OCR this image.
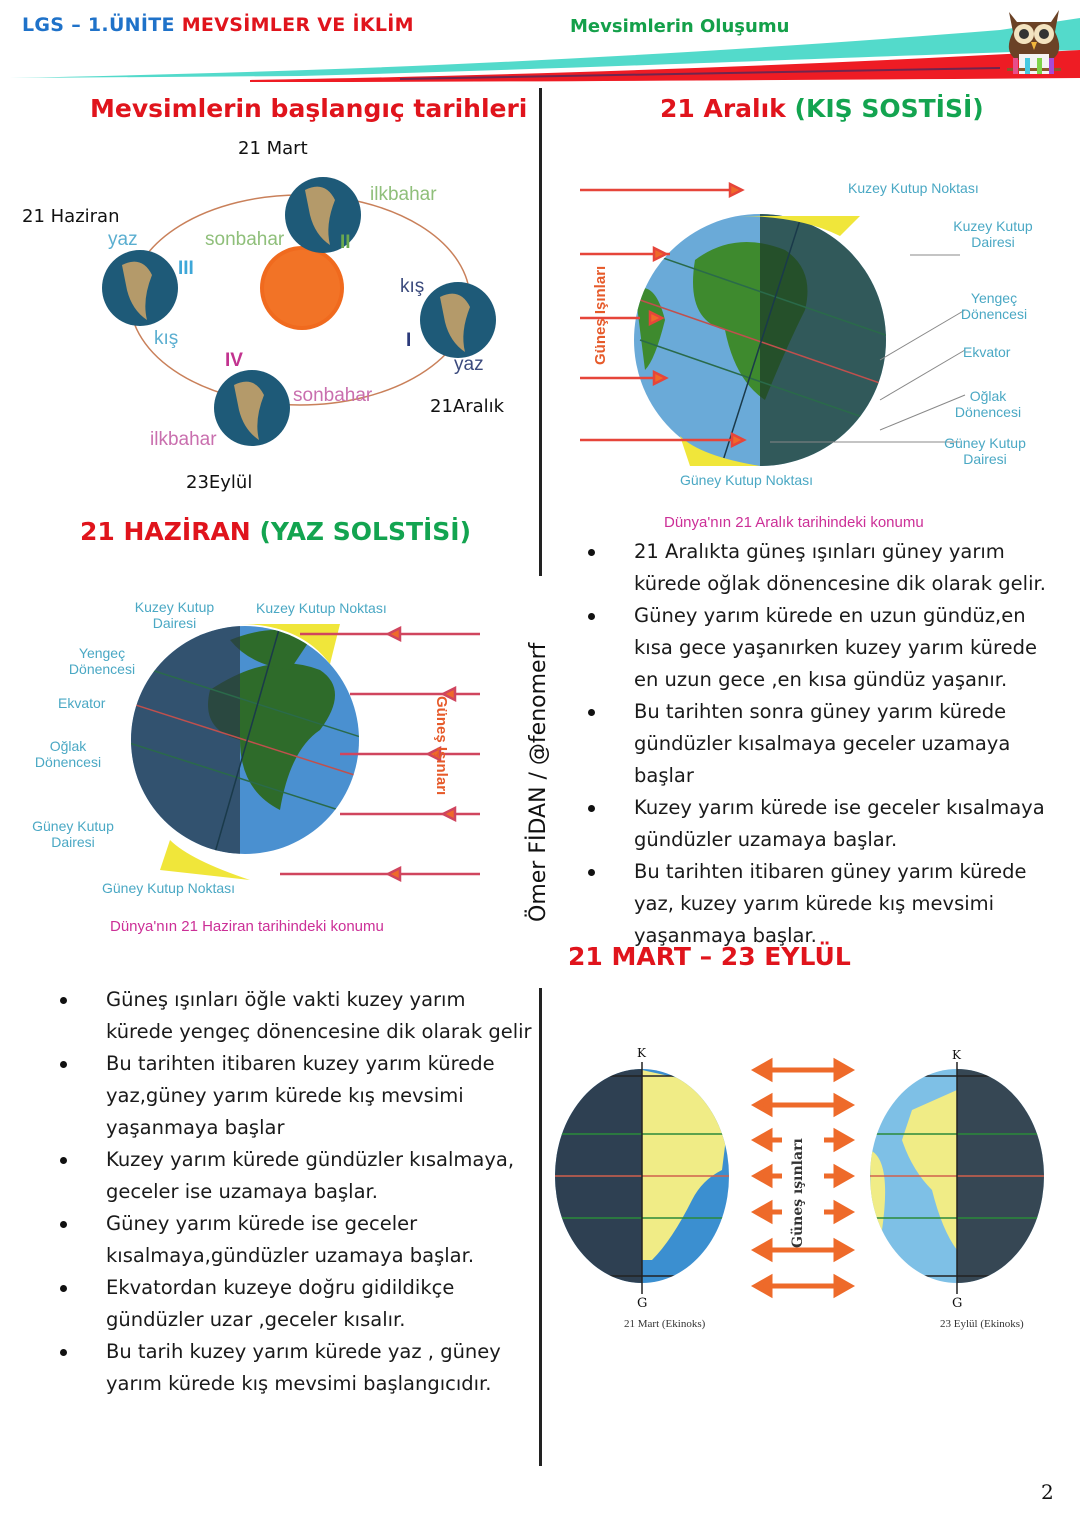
LGS – 1.ÜNİTE MEVSİMLER VE İKLİM	Mevsimlerin Oluşumu
Mevsimlerin başlangıç tarihleri
21 Mart
21 Haziran
21Aralık
23Eylül
ilkbahar
sonbahar	II
yaz
III
kış
kış
I
yaz
IV
sonbahar
ilkbahar
21 Aralık (KIŞ SOSTİSİ)
Güneş Işınları
Kuzey Kutup Noktası
Kuzey Kutup
Dairesi
Yengeç
Dönencesi
Ekvator
Oğlak
Dönencesi
Güney Kutup
Dairesi
Güney Kutup Noktası
Dünya'nın 21 Aralık tarihindeki konumu
21 Aralıkta güneş ışınları güney yarım kürede oğlak dönencesine dik olarak gelir.
Güney yarım kürede en uzun gündüz,en kısa gece yaşanırken kuzey yarım kürede en uzun gece ,en kısa gündüz yaşanır.
Bu tarihten sonra güney yarım kürede gündüzler kısalmaya geceler uzamaya başlar
Kuzey yarım kürede ise geceler kısalmaya gündüzler uzamaya başlar.
Bu tarihten itibaren güney yarım kürede yaz, kuzey yarım kürede kış mevsimi yaşanmaya başlar.
21 HAZİRAN (YAZ SOLSTİSİ)
Kuzey Kutup
Dairesi
Kuzey Kutup Noktası
Yengeç
Dönencesi
Ekvator
Oğlak
Dönencesi
Güney Kutup
Dairesi
Güney Kutup Noktası
Güneş Işınları
Dünya'nın 21 Haziran tarihindeki konumu
Ömer FİDAN / @fenomerf
21 MART – 23 EYLÜL
K
G
K
G
Güneş ışınları
21 Mart (Ekinoks)	23 Eylül (Ekinoks)
Güneş ışınları öğle vakti kuzey yarım kürede yengeç dönencesine dik olarak gelir
Bu tarihten itibaren kuzey yarım kürede yaz,güney yarım kürede kış mevsimi yaşanmaya başlar
Kuzey yarım kürede gündüzler kısalmaya, geceler ise uzamaya başlar.
Güney yarım kürede ise geceler kısalmaya,gündüzler uzamaya başlar.
Ekvatordan kuzeye doğru gidildikçe gündüzler uzar ,geceler kısalır.
Bu tarih kuzey yarım kürede yaz , güney yarım kürede kış mevsimi başlangıcıdır.
2
